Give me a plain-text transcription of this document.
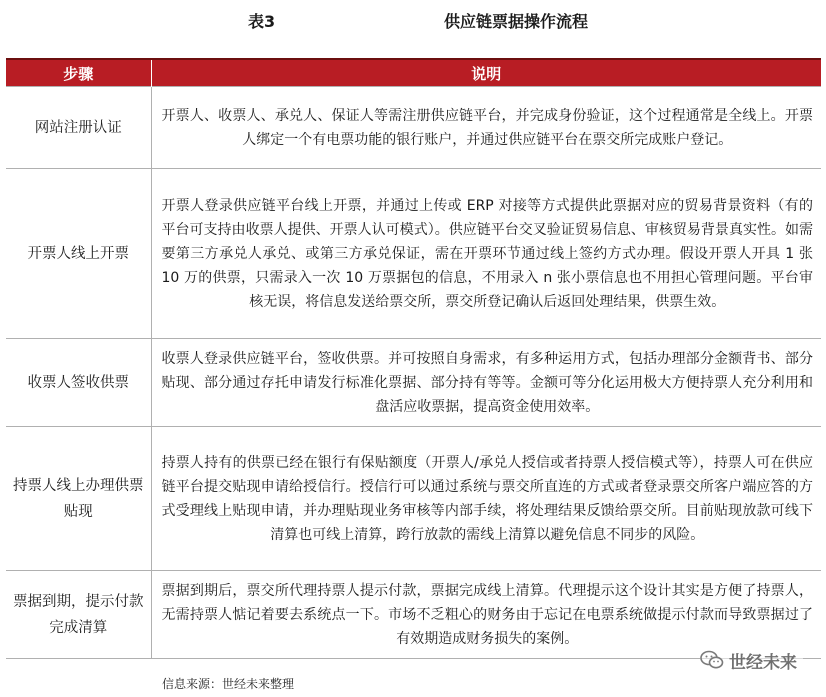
表3	供应链票据操作流程
步骤	说明
网站注册认证	开票人、收票人、承兑人、保证人等需注册供应链平台，并完成身份验证，这个过程通常是全线上。开票人绑定一个有电票功能的银行账户，并通过供应链平台在票交所完成账户登记。
开票人线上开票	开票人登录供应链平台线上开票，并通过上传或 ERP 对接等方式提供此票据对应的贸易背景资料（有的平台可支持由收票人提供、开票人认可模式）。供应链平台交叉验证贸易信息、审核贸易背景真实性。如需要第三方承兑人承兑、或第三方承兑保证，需在开票环节通过线上签约方式办理。假设开票人开具 1 张 10 万的供票，只需录入一次 10 万票据包的信息，不用录入 n 张小票信息也不用担心管理问题。平台审核无误，将信息发送给票交所，票交所登记确认后返回处理结果，供票生效。
收票人签收供票	收票人登录供应链平台，签收供票。并可按照自身需求，有多种运用方式，包括办理部分金额背书、部分贴现、部分通过存托申请发行标准化票据、部分持有等等。金额可等分化运用极大方便持票人充分利用和盘活应收票据，提高资金使用效率。
持票人线上办理供票贴现	持票人持有的供票已经在银行有保贴额度（开票人/承兑人授信或者持票人授信模式等），持票人可在供应链平台提交贴现申请给授信行。授信行可以通过系统与票交所直连的方式或者登录票交所客户端应答的方式受理线上贴现申请，并办理贴现业务审核等内部手续，将处理结果反馈给票交所。目前贴现放款可线下清算也可线上清算，跨行放款的需线上清算以避免信息不同步的风险。
票据到期，提示付款完成清算	票据到期后，票交所代理持票人提示付款，票据完成线上清算。代理提示这个设计其实是方便了持票人，无需持票人惦记着要去系统点一下。市场不乏粗心的财务由于忘记在电票系统做提示付款而导致票据过了有效期造成财务损失的案例。
信息来源：世经未来整理
世经未来
